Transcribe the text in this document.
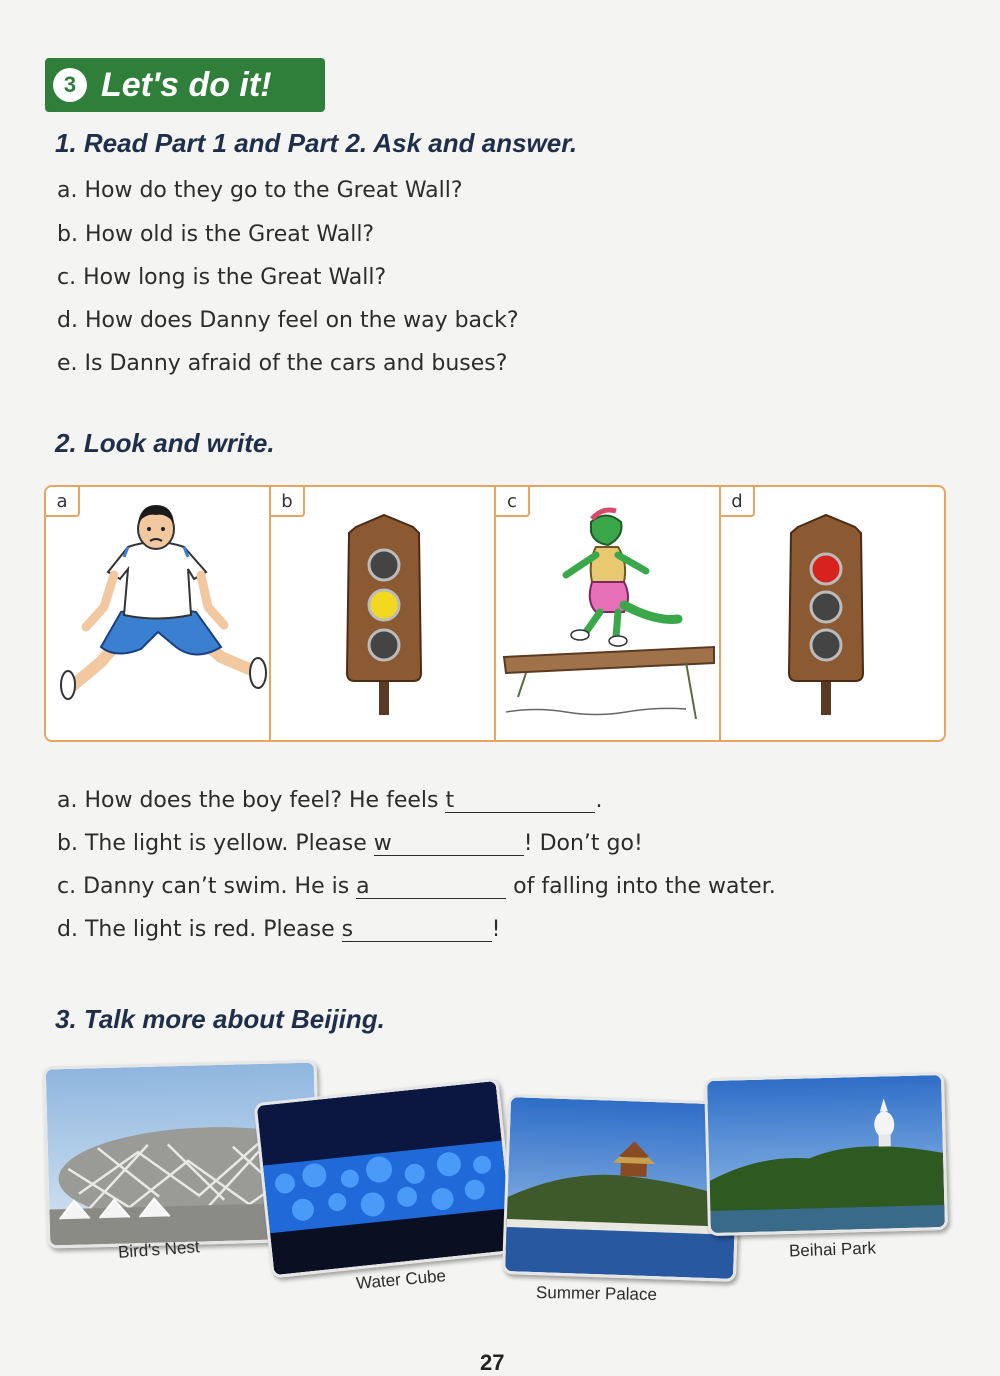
3 Let's do it!
1. Read Part 1 and Part 2. Ask and answer.
a. How do they go to the Great Wall?
b. How old is the Great Wall?
c. How long is the Great Wall?
d. How does Danny feel on the way back?
e. Is Danny afraid of the cars and buses?
2. Look and write.
a	b	c	d
a. How does the boy feel? He feels t	.
b. The light is yellow. Please w	! Don’t go!
c. Danny can’t swim. He is a	of falling into the water.
d. The light is red. Please s	!
3. Talk more about Beijing.
Bird's Nest
Water Cube
Summer Palace
Beihai Park
27
